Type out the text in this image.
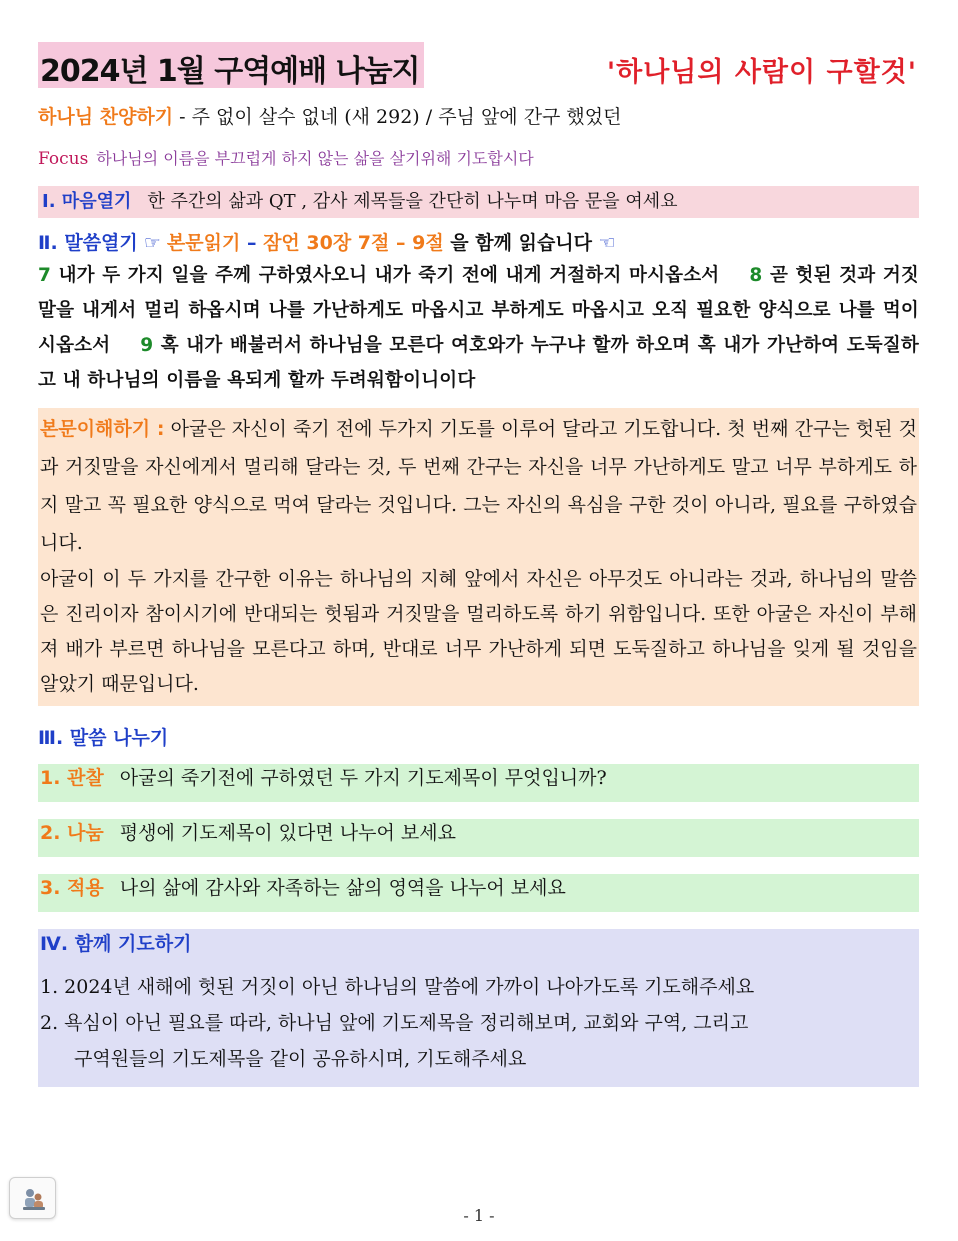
2024년 1월 구역예배 나눔지	'하나님의 사람이 구할것'
하나님 찬양하기 - 주 없이 살수 없네 (새 292) / 주님 앞에 간구 했었던
Focus 하나님의 이름을 부끄럽게 하지 않는 삶을 살기위해 기도합시다
Ⅰ. 마음열기 한 주간의 삶과 QT , 감사 제목들을 간단히 나누며 마음 문을 여세요
Ⅱ. 말씀열기 ☞ 본문읽기 – 잠언 30장 7절 – 9절 을 함께 읽습니다 ☜
7 내가 두 가지 일을 주께 구하였사오니 내가 죽기 전에 내게 거절하지 마시옵소서    8 곧 헛된 것과 거짓말을 내게서 멀리 하옵시며 나를 가난하게도 마옵시고 부하게도 마옵시고 오직 필요한 양식으로 나를 먹이시옵소서    9 혹 내가 배불러서 하나님을 모른다 여호와가 누구냐 할까 하오며 혹 내가 가난하여 도둑질하고 내 하나님의 이름을 욕되게 할까 두려워함이니이다

본문이해하기 : 아굴은 자신이 죽기 전에 두가지 기도를 이루어 달라고 기도합니다. 첫 번째 간구는 헛된 것과 거짓말을 자신에게서 멀리해 달라는 것, 두 번째 간구는 자신을 너무 가난하게도 말고 너무 부하게도 하지 말고 꼭 필요한 양식으로 먹여 달라는 것입니다. 그는 자신의 욕심을 구한 것이 아니라, 필요를 구하였습니다.

아굴이 이 두 가지를 간구한 이유는 하나님의 지혜 앞에서 자신은 아무것도 아니라는 것과, 하나님의 말씀은 진리이자 참이시기에 반대되는 헛됨과 거짓말을 멀리하도록 하기 위함입니다. 또한 아굴은 자신이 부해져 배가 부르면 하나님을 모른다고 하며, 반대로 너무 가난하게 되면 도둑질하고 하나님을 잊게 될 것임을 알았기 때문입니다.

Ⅲ. 말씀 나누기
1. 관찰 아굴의 죽기전에 구하였던 두 가지 기도제목이 무엇입니까?
2. 나눔 평생에 기도제목이 있다면 나누어 보세요
3. 적용 나의 삶에 감사와 자족하는 삶의 영역을 나누어 보세요
Ⅳ. 함께 기도하기
1. 2024년 새해에 헛된 거짓이 아닌 하나님의 말씀에 가까이 나아가도록 기도해주세요
2. 욕심이 아닌 필요를 따라, 하나님 앞에 기도제목을 정리해보며, 교회와 구역, 그리고
구역원들의 기도제목을 같이 공유하시며, 기도해주세요
- 1 -
